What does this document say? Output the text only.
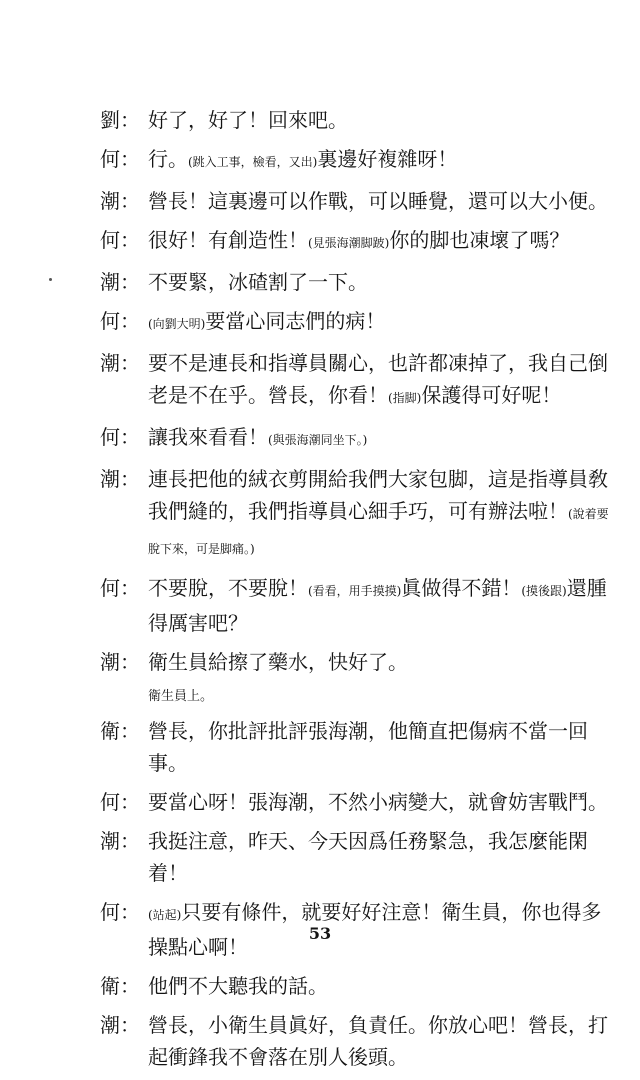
劉： 好了，好了！回來吧。
何： 行。(跳入工事，檢看，又出)裏邊好複雜呀！
潮： 營長！這裏邊可以作戰，可以睡覺，還可以大小便。
何： 很好！有創造性！(見張海潮脚跛)你的脚也凍壞了嗎？
潮： 不要緊，冰碴割了一下。
何： (向劉大明)要當心同志們的病！
潮： 要不是連長和指導員關心，也許都凍掉了，我自己倒老是不在乎。營長，你看！(指脚)保護得可好呢！
何： 讓我來看看！(與張海潮同坐下。)
潮： 連長把他的絨衣剪開給我們大家包脚，這是指導員敎我們縫的，我們指導員心細手巧，可有辦法啦！(說着要脫下來，可是脚痛。)
何： 不要脫，不要脫！(看看，用手摸摸)眞做得不錯！(摸後跟)還腫得厲害吧？
潮： 衛生員給擦了藥水，快好了。
衛生員上。
衛： 營長，你批評批評張海潮，他簡直把傷病不當一回事。
何： 要當心呀！張海潮，不然小病變大，就會妨害戰鬥。
潮： 我挺注意，昨天、今天因爲任務緊急，我怎麼能閑着！
何： (站起)只要有條件，就要好好注意！衛生員，你也得多操點心啊！
衛： 他們不大聽我的話。
潮： 營長，小衛生員眞好，負責任。你放心吧！營長，打起衝鋒我不會落在別人後頭。
53
